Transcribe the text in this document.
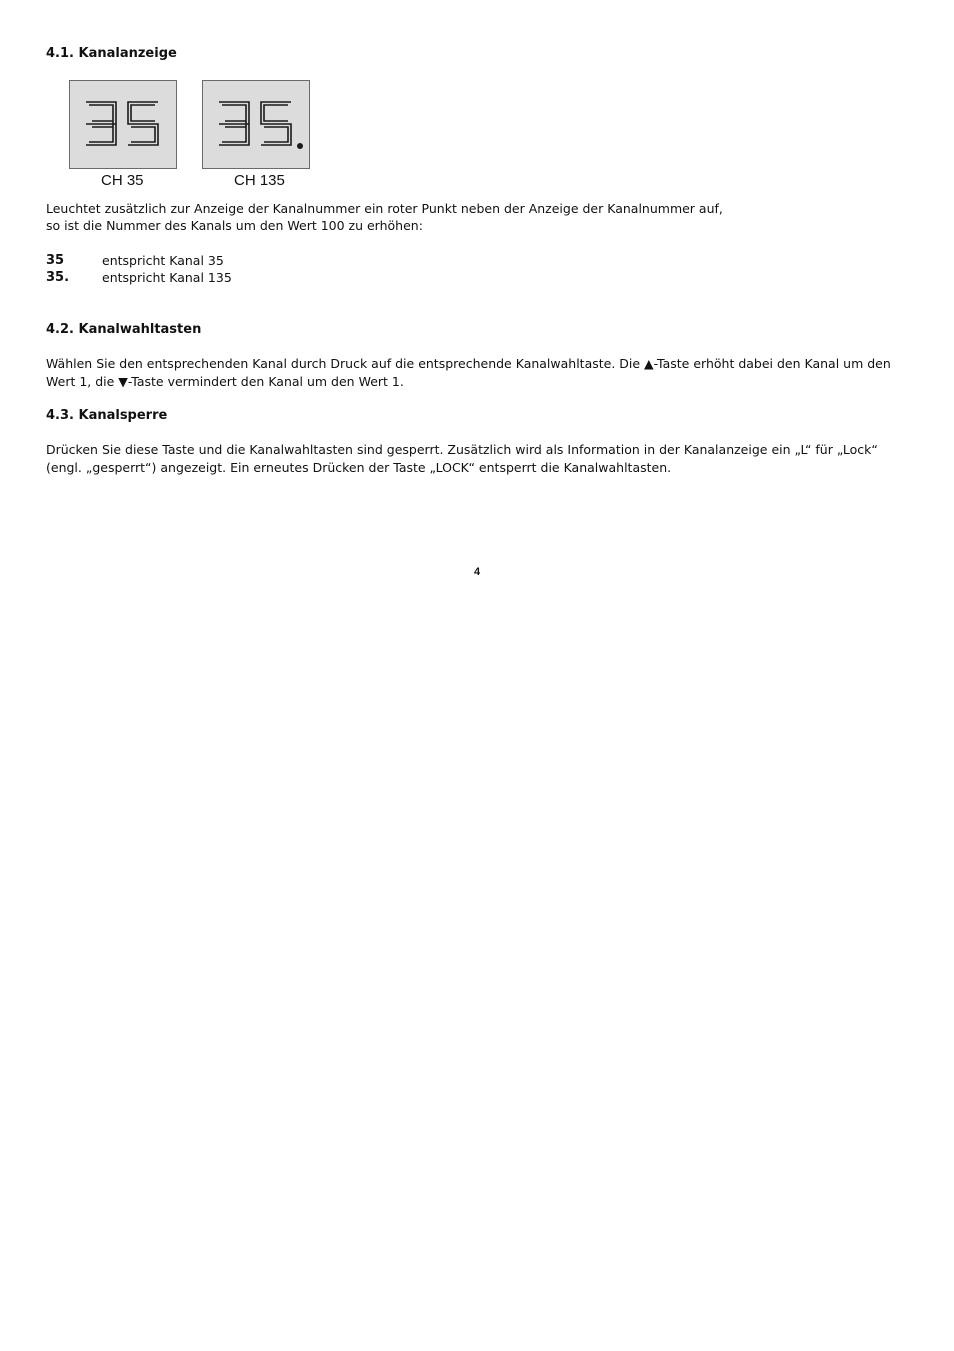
4.1. Kanalanzeige
CH 35	CH 135

Leuchtet zusätzlich zur Anzeige der Kanalnummer ein roter Punkt neben der Anzeige der Kanalnummer auf,

so ist die Nummer des Kanals um den Wert 100 zu erhöhen:

35	entspricht Kanal 35
35.	entspricht Kanal 135
4.2. Kanalwahltasten

Wählen Sie den entsprechenden Kanal durch Druck auf die entsprechende Kanalwahltaste. Die ▲-Taste erhöht dabei den Kanal um den

Wert 1, die ▼-Taste vermindert den Kanal um den Wert 1.

4.3. Kanalsperre

Drücken Sie diese Taste und die Kanalwahltasten sind gesperrt. Zusätzlich wird als Information in der Kanalanzeige ein „L“ für „Lock“

(engl. „gesperrt“) angezeigt. Ein erneutes Drücken der Taste „LOCK“ entsperrt die Kanalwahltasten.

4
